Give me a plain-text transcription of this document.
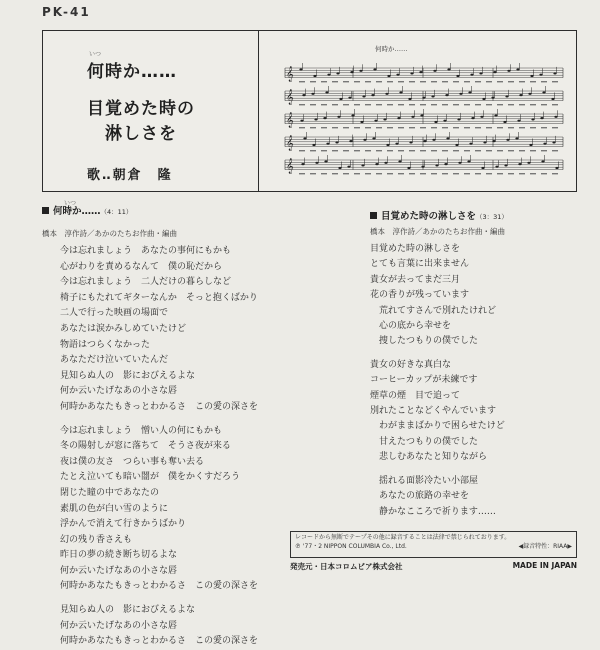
PK-41
いつ
何時か……
目覚めた時の
淋しさを
歌‥朝倉　隆
𝄞
𝄞
𝄞
𝄞
𝄞
何時か……
何時か……（4：11）
いつ
橋本　淳作詩／あかのたちお作曲・編曲
今は忘れましょう　あなたの事何にもかも
心がわりを責めるなんて　僕の恥だから
今は忘れましょう　二人だけの暮らしなど
椅子にもたれてギターなんか　そっと抱くばかり
二人で行った映画の場面で
あなたは涙かみしめていたけど
物語はつらくなかった
あなただけ泣いていたんだ
見知らぬ人の　影におびえるよな
何か云いたげなあの小さな唇
何時かあなたもきっとわかるさ　この愛の深さを
今は忘れましょう　憎い人の何にもかも
冬の陽射しが窓に落ちて　そうさ夜が来る
夜は僕の友さ　つらい事も奪い去る
たとえ泣いても暗い闇が　僕をかくすだろう
閉じた瞳の中であなたの
素肌の色が白い雪のように
浮かんで消えて行きかうばかり
幻の残り香さえも
昨日の夢の続き断ち切るよな
何か云いたげなあの小さな唇
何時かあなたもきっとわかるさ　この愛の深さを
見知らぬ人の　影におびえるよな
何か云いたげなあの小さな唇
何時かあなたもきっとわかるさ　この愛の深さを
目覚めた時の淋しさを（3：31）
橋本　淳作詩／あかのたちお作曲・編曲
目覚めた時の淋しさを
とても言葉に出来ません
貴女が去ってまだ三月
花の香りが残っています
　荒れてすさんで別れたけれど
　心の底から幸せを
　捜したつもりの僕でした
貴女の好きな真白な
コーヒーカップが未練です
煙草の煙　目で追って
別れたことなどくやんでいます
　わがままばかりで困らせたけど
　甘えたつもりの僕でした
　悲しむあなたと知りながら
　揺れる面影冷たい小部屋
　あなたの旅路の幸せを
　静かなこころで祈ります……
レコードから無断でテープその他に録音することは法律で禁じられております。
℗ '77・2 NIPPON COLUMBIA Co., Ltd.	◀録音特性：RIAA▶
発売元・日本コロムビア株式会社	MADE IN JAPAN
